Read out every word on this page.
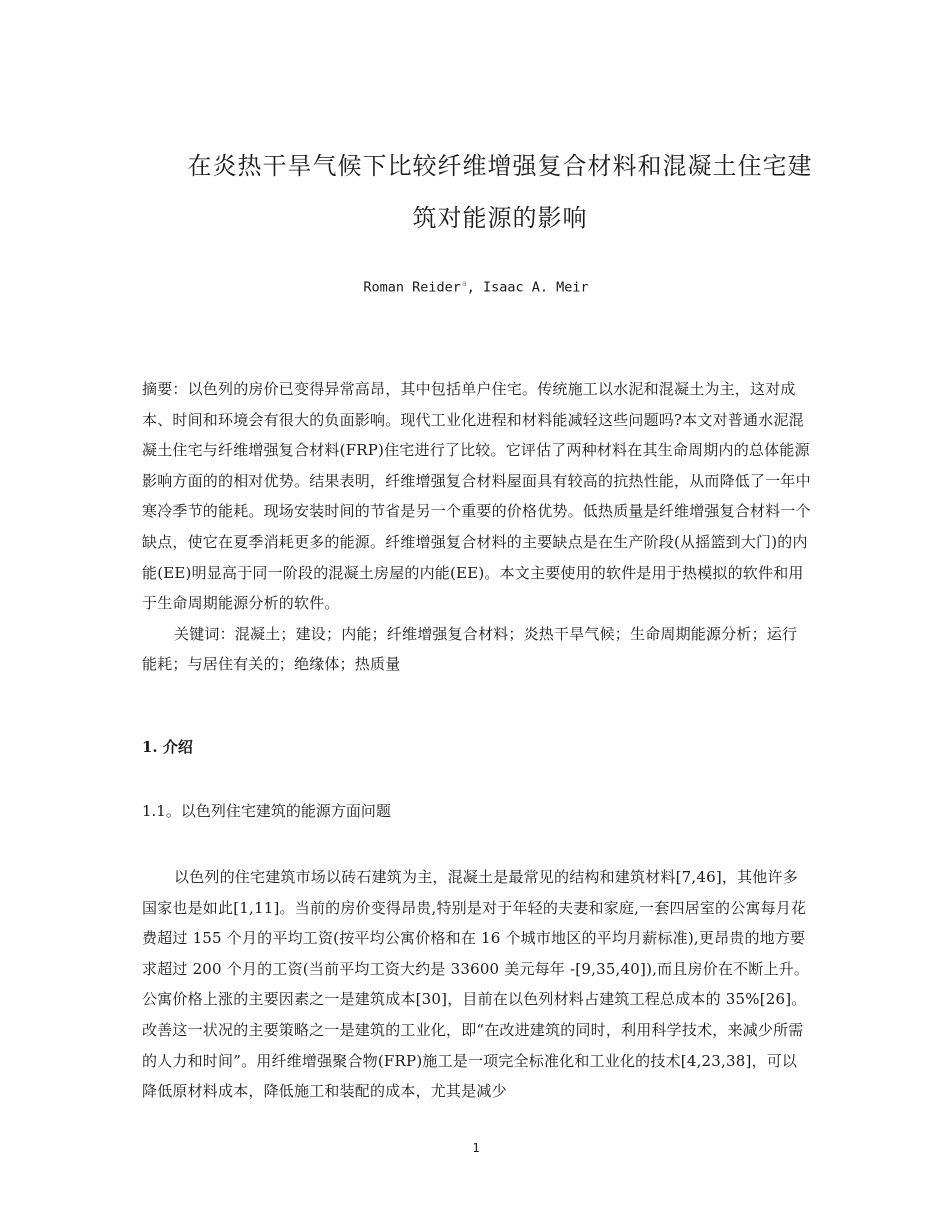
在炎热干旱气候下比较纤维增强复合材料和混凝土住宅建
筑对能源的影响
Roman Reider$^a$, Isaac A. Meir

摘要：以色列的房价已变得异常高昂，其中包括单户住宅。传统施工以水泥和混凝土为主，这对成本、时间和环境会有很大的负面影响。现代工业化进程和材料能减轻这些问题吗?本文对普通水泥混凝土住宅与纤维增强复合材料(FRP)住宅进行了比较。它评估了两种材料在其生命周期内的总体能源影响方面的的相对优势。结果表明，纤维增强复合材料屋面具有较高的抗热性能，从而降低了一年中寒冷季节的能耗。现场安装时间的节省是另一个重要的价格优势。低热质量是纤维增强复合材料一个缺点，使它在夏季消耗更多的能源。纤维增强复合材料的主要缺点是在生产阶段(从摇篮到大门)的内能(EE)明显高于同一阶段的混凝土房屋的内能(EE)。本文主要使用的软件是用于热模拟的软件和用于生命周期能源分析的软件。

关键词：混凝土；建设；内能；纤维增强复合材料；炎热干旱气候；生命周期能源分析；运行能耗；与居住有关的；绝缘体；热质量

1. 介绍
1.1。以色列住宅建筑的能源方面问题

以色列的住宅建筑市场以砖石建筑为主，混凝土是最常见的结构和建筑材料[7,46]，其他许多国家也是如此[1,11]。当前的房价变得昂贵,特别是对于年轻的夫妻和家庭,一套四居室的公寓每月花费超过 155 个月的平均工资(按平均公寓价格和在 16 个城市地区的平均月薪标准),更昂贵的地方要求超过 200 个月的工资(当前平均工资大约是 33600 美元每年 -[9,35,40]),而且房价在不断上升。公寓价格上涨的主要因素之一是建筑成本[30]，目前在以色列材料占建筑工程总成本的 35%[26]。改善这一状况的主要策略之一是建筑的工业化，即“在改进建筑的同时，利用科学技术，来减少所需的人力和时间”。用纤维增强聚合物(FRP)施工是一项完全标准化和工业化的技术[4,23,38]，可以降低原材料成本，降低施工和装配的成本，尤其是减少

1
